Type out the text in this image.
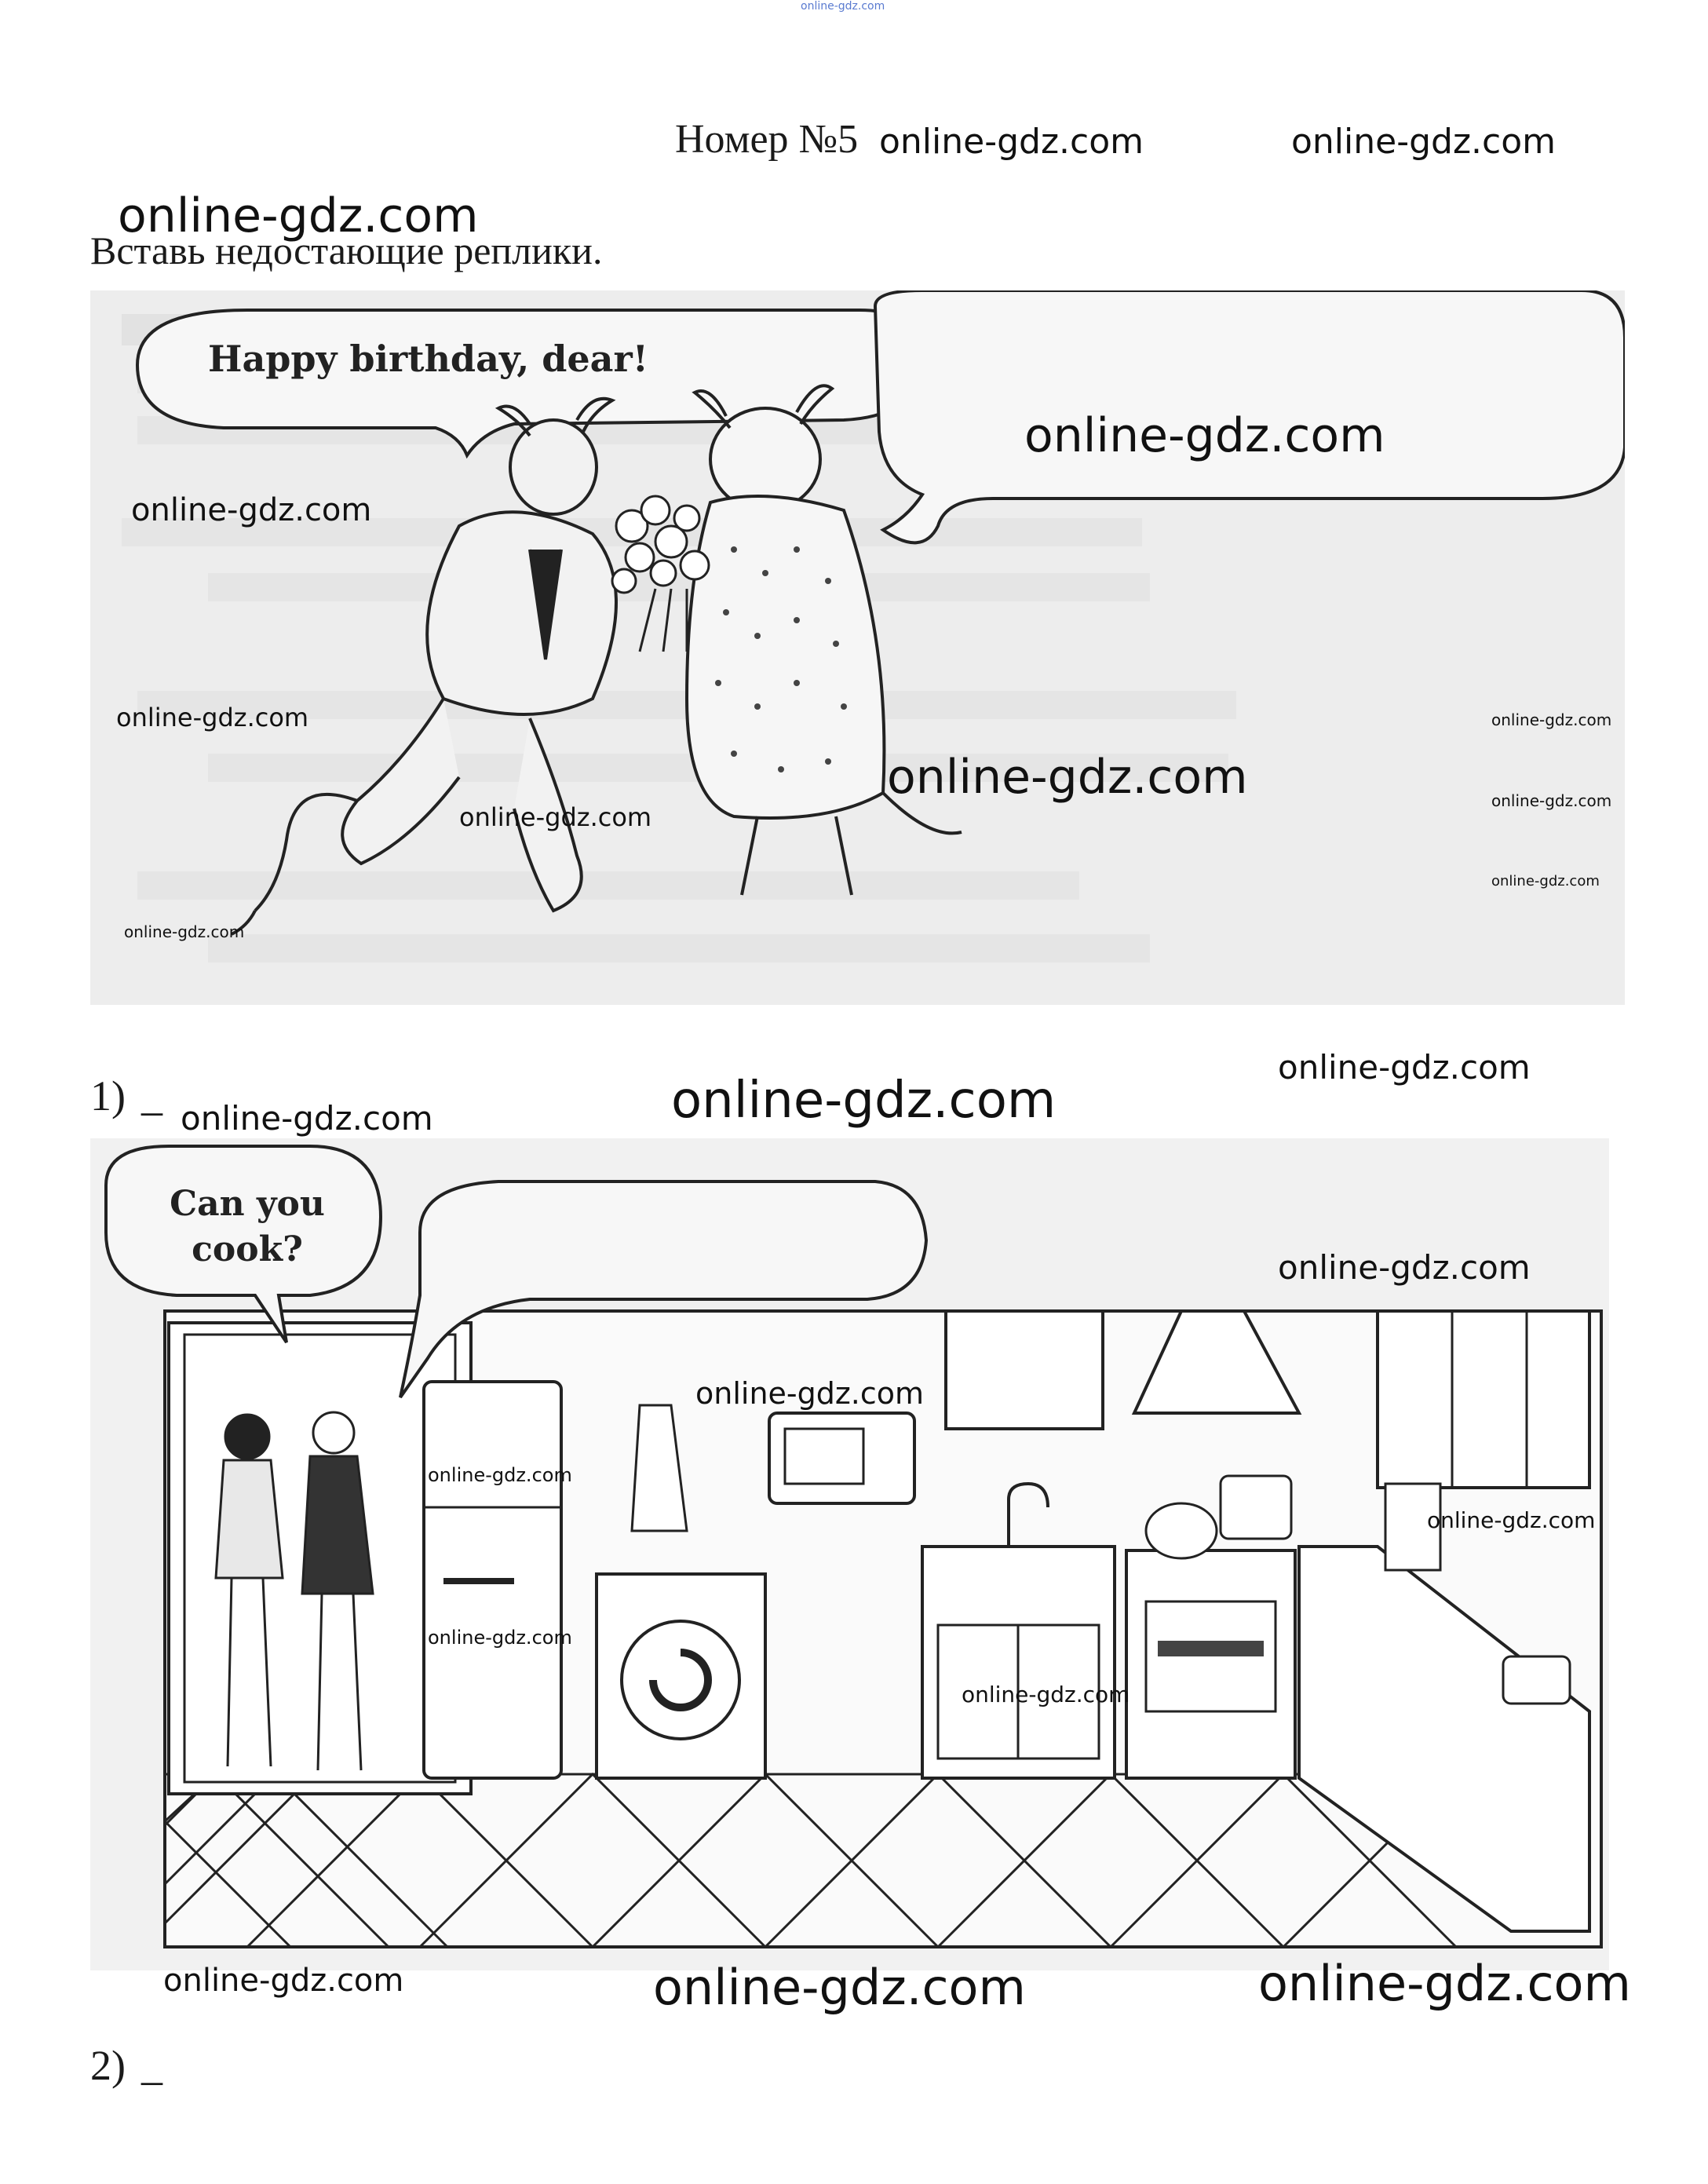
online-gdz.com
Номер №5
Вставь недостающие реплики.
Happy birthday, dear!
1) _
Can you cook?
2) _
online-gdz.com	online-gdz.com
online-gdz.com
online-gdz.com
online-gdz.com
online-gdz.com
online-gdz.com
online-gdz.com
online-gdz.com
online-gdz.com
online-gdz.com
online-gdz.com
online-gdz.com
online-gdz.com
online-gdz.com
online-gdz.com
online-gdz.com
online-gdz.com
online-gdz.com
online-gdz.com
online-gdz.com
online-gdz.com	online-gdz.com	online-gdz.com
